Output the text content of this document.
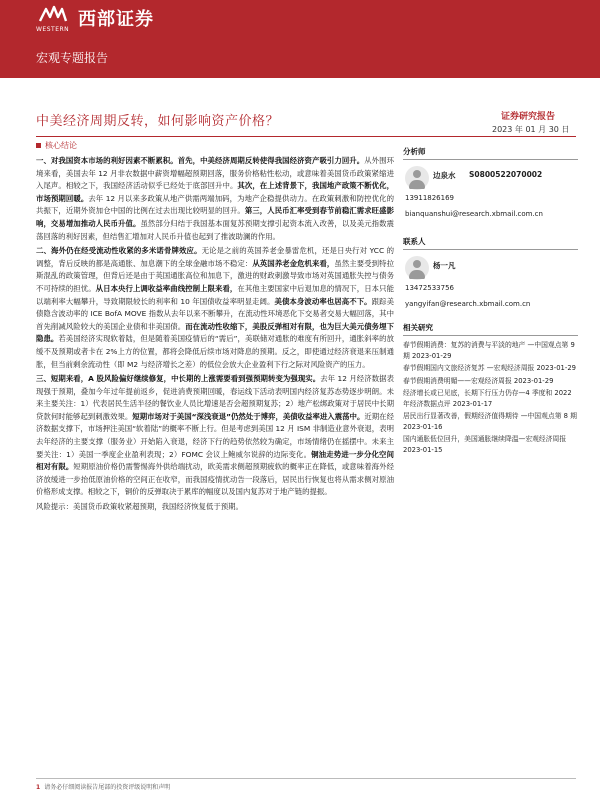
WESTERN 西部证券
宏观专题报告
中美经济周期反转，如何影响资产价格？	证券研究报告
2023 年 01 月 30 日
核心结论

一、对我国资本市场的利好因素不断累积。首先，中美经济周期反转使得我国经济资产吸引力回升。从外围环境来看，美国去年 12 月非农数据中薪资增幅超预期回落，服务价格粘性松动，或意味着美国货币政策紧缩进入尾声。相较之下，我国经济活动似乎已经处于底部回升中。其次，在上述背景下，我国地产政策不断优化，市场预期回暖。去年 12 月以来多政策从地产供需两端加码，为地产企稳提供动力。在政策刺激和防控优化的共振下，近期外资加仓中国的比例在过去出现比较明显的回升。第三，人民币汇率受到春节前稳汇需求旺盛影响，交易增加推动人民币升值。虽然部分归结于我国基本面复苏预期支撑引起资本流入改善，以及美元指数震荡回落的利好因素，但结售汇增加对人民币升值也起到了推波助澜的作用。

二、海外仍在经受流动性收紧的多米诺骨牌效应。无论是之前的英国养老金暴雷危机，还是日央行对 YCC 的调整，背后反映的都是高通胀、加息潮下的全球金融市场不稳定：从英国养老金危机来看，虽然主要受到特拉斯混乱的政策管理，但背后还是由于英国通胀高位和加息下，激进的财政刺激导致市场对英国通胀失控与债务不可持续的担忧。从日本央行上调收益率曲线控制上限来看，在其他主要国家中后退加息的情况下，日本只能以端利率大幅攀升，导致期限较长的利率和 10 年国债收益率明显走阔。美债本身波动率也居高不下。跟踪美债隐含波动率的 ICE BofA MOVE 指数从去年以来不断攀升，在流动性环境恶化下交易者交易大幅回落，其中首先削减风险较大的美国企业债和非美国债。而在流动性收缩下，美股反弹相对有限，也为巨大美元债务埋下隐患。若美国经济实现软着陆，但是随着美国疫情后的“需后”，美联储对通胀的难度有所回升，通胀斜率的放缓不及预期或者卡在 2%上方的位置，都将会降低后续市场对降息的预期。反之，即使通过经济衰退来压制通胀，但当前剩余流动性（即 M2 与经济增长之差）的低位会放大企业盈利下行之际对风险资产的压力。

三、短期来看，A 股风险偏好继续修复，中长期的上涨需要看到强预期转变为强现实。去年 12 月经济数据表现强于预期，叠加今年过年提前返乡，促进消费预期回暖，春运线下活动表明国内经济复苏态势逐步明朗。未来主要关注：1）代表居民生活半径的餐饮业人员比增速是否会超预期复苏；2）地产松绑政策对于居民中长期贷款何时能够起到刺激效果。短期市场对于美国“深浅衰退”仍然处于博弈，美债收益率进入震荡中。近期在经济数据支撑下，市场押注美国“软着陆”的概率不断上行。但是考虑到美国 12 月 ISM 非制造业意外衰退，表明去年经济的主要支撑（服务业）开始陷入衰退，经济下行的趋势依然较为确定，市场情绪仍在摇摆中。未来主要关注：1）美国一季度企业盈利表现；2）FOMC 会议上鲍威尔说辞的边际变化。铜油走势进一步分化空间相对有限。短期原油价格仍需警惕海外供给端扰动，欧美需求侧超预期疲软的概率正在降低，或意味着海外经济放缓进一步抬低原油价格的空间正在收窄，而我国疫情扰动告一段落后，居民出行恢复也将从需求侧对原油价格形成支撑。相较之下，铜价的反弹取决于累库的幅度以及国内复苏对于地产链的提振。

风险提示：美国货币政策收紧超预期，我国经济恢复低于预期。

分析师
边泉水 S0800522070002
13911826169
bianquanshui@research.xbmail.com.cn
联系人
杨一凡
13472533756
yangyifan@research.xbmail.com.cn
相关研究
春节假期消费：复苏的消费与平淡的地产 —中国观点第 9 期 2023-01-29
春节假期国内文旅经济复苏 —宏观经济周报 2023-01-29
春节假期消费明媚——宏观经济周报 2023-01-29
经济增长或已见底，长期下行压力仍存—4 季度和 2022 年经济数据点评 2023-01-17
居民出行显著改善，假期经济值得期待 —中国观点第 8 期 2023-01-16
国内通胀低位回升，美国通胀继续降温—宏观经济周报 2023-01-15
1 请务必仔细阅读报告尾部的投资评级说明和声明
